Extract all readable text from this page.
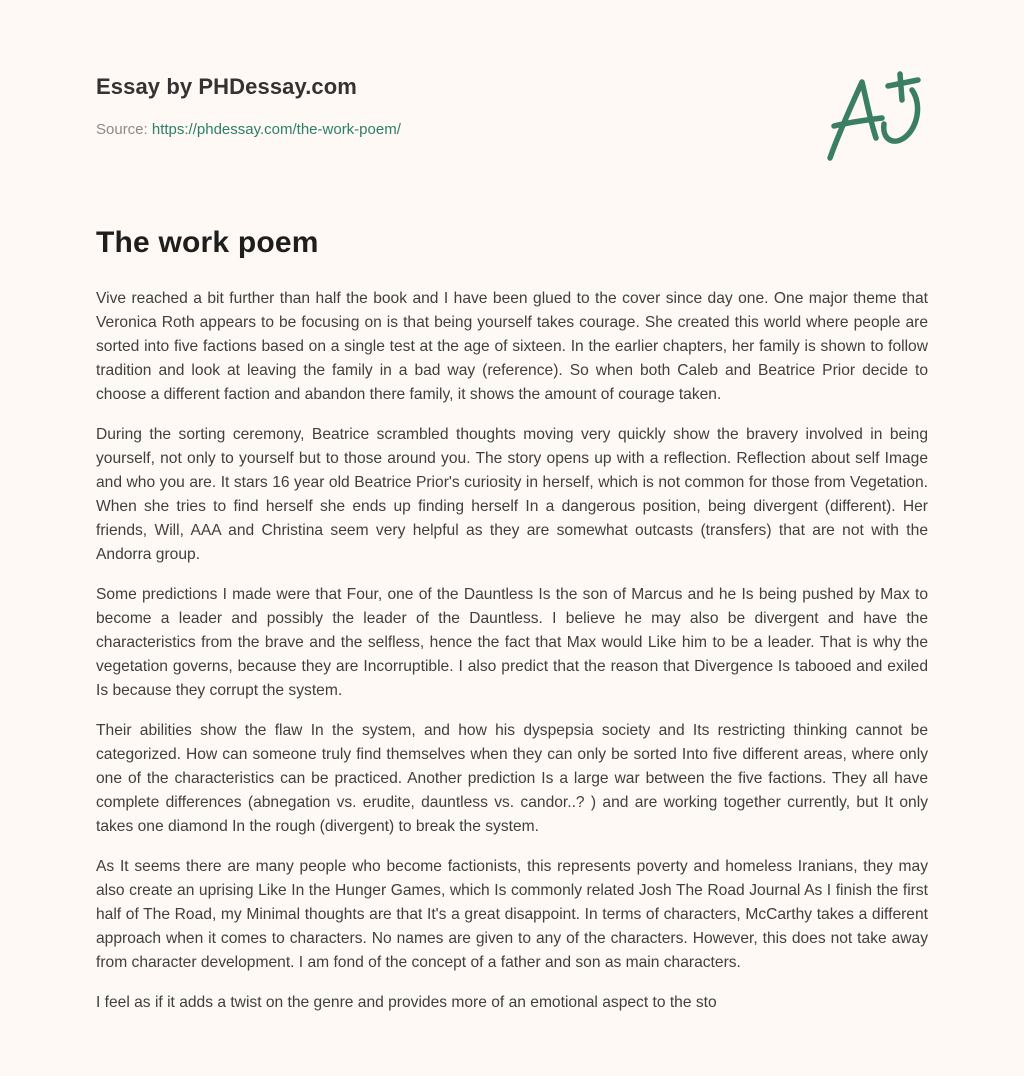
Essay by PHDessay.com
Source: https://phdessay.com/the-work-poem/
The work poem

Vive reached a bit further than half the book and I have been glued to the cover since day one. One major theme that Veronica Roth appears to be focusing on is that being yourself takes courage. She created this world where people are sorted into five factions based on a single test at the age of sixteen. In the earlier chapters, her family is shown to follow tradition and look at leaving the family in a bad way (reference). So when both Caleb and Beatrice Prior decide to choose a different faction and abandon there family, it shows the amount of courage taken.

During the sorting ceremony, Beatrice scrambled thoughts moving very quickly show the bravery involved in being yourself, not only to yourself but to those around you. The story opens up with a reflection. Reflection about self Image and who you are. It stars 16 year old Beatrice Prior's curiosity in herself, which is not common for those from Vegetation. When she tries to find herself she ends up finding herself In a dangerous position, being divergent (different). Her friends, Will, AAA and Christina seem very helpful as they are somewhat outcasts (transfers) that are not with the Andorra group.

Some predictions I made were that Four, one of the Dauntless Is the son of Marcus and he Is being pushed by Max to become a leader and possibly the leader of the Dauntless. I believe he may also be divergent and have the characteristics from the brave and the selfless, hence the fact that Max would Like him to be a leader. That is why the vegetation governs, because they are Incorruptible. I also predict that the reason that Divergence Is tabooed and exiled Is because they corrupt the system.

Their abilities show the flaw In the system, and how his dyspepsia society and Its restricting thinking cannot be categorized. How can someone truly find themselves when they can only be sorted Into five different areas, where only one of the characteristics can be practiced. Another prediction Is a large war between the five factions. They all have complete differences (abnegation vs. erudite, dauntless vs. candor..? ) and are working together currently, but It only takes one diamond In the rough (divergent) to break the system.

As It seems there are many people who become factionists, this represents poverty and homeless Iranians, they may also create an uprising Like In the Hunger Games, which Is commonly related Josh The Road Journal As I finish the first half of The Road, my Minimal thoughts are that It's a great disappoint. In terms of characters, McCarthy takes a different approach when it comes to characters. No names are given to any of the characters. However, this does not take away from character development. I am fond of the concept of a father and son as main characters.

I feel as if it adds a twist on the genre and provides more of an emotional aspect to the sto
